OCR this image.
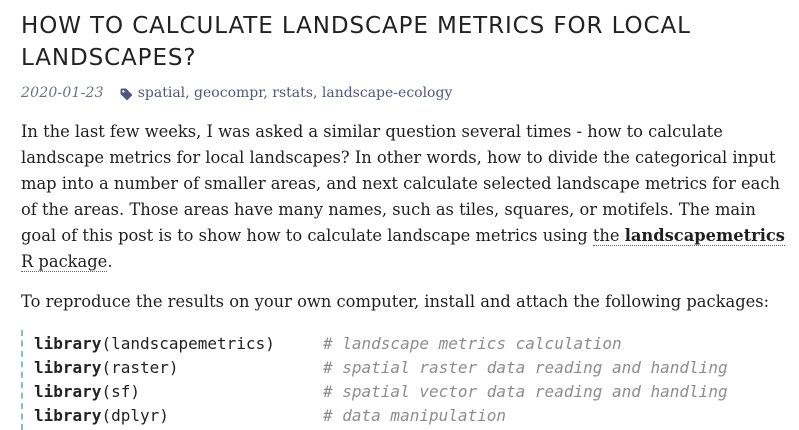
HOW TO CALCULATE LANDSCAPE METRICS FOR LOCAL LANDSCAPES?
2020-01-23 spatial, geocompr, rstats, landscape-ecology

In the last few weeks, I was asked a similar question several times - how to calculate landscape metrics for local landscapes? In other words, how to divide the categorical input map into a number of smaller areas, and next calculate selected landscape metrics for each of the areas. Those areas have many names, such as tiles, squares, or motifels. The main goal of this post is to show how to calculate landscape metrics using the landscapemetrics R package.

To reproduce the results on your own computer, install and attach the following packages:

library(landscapemetrics)	# landscape metrics calculation
library(raster)	# spatial raster data reading and handling
library(sf)	# spatial vector data reading and handling
library(dplyr)	# data manipulation
